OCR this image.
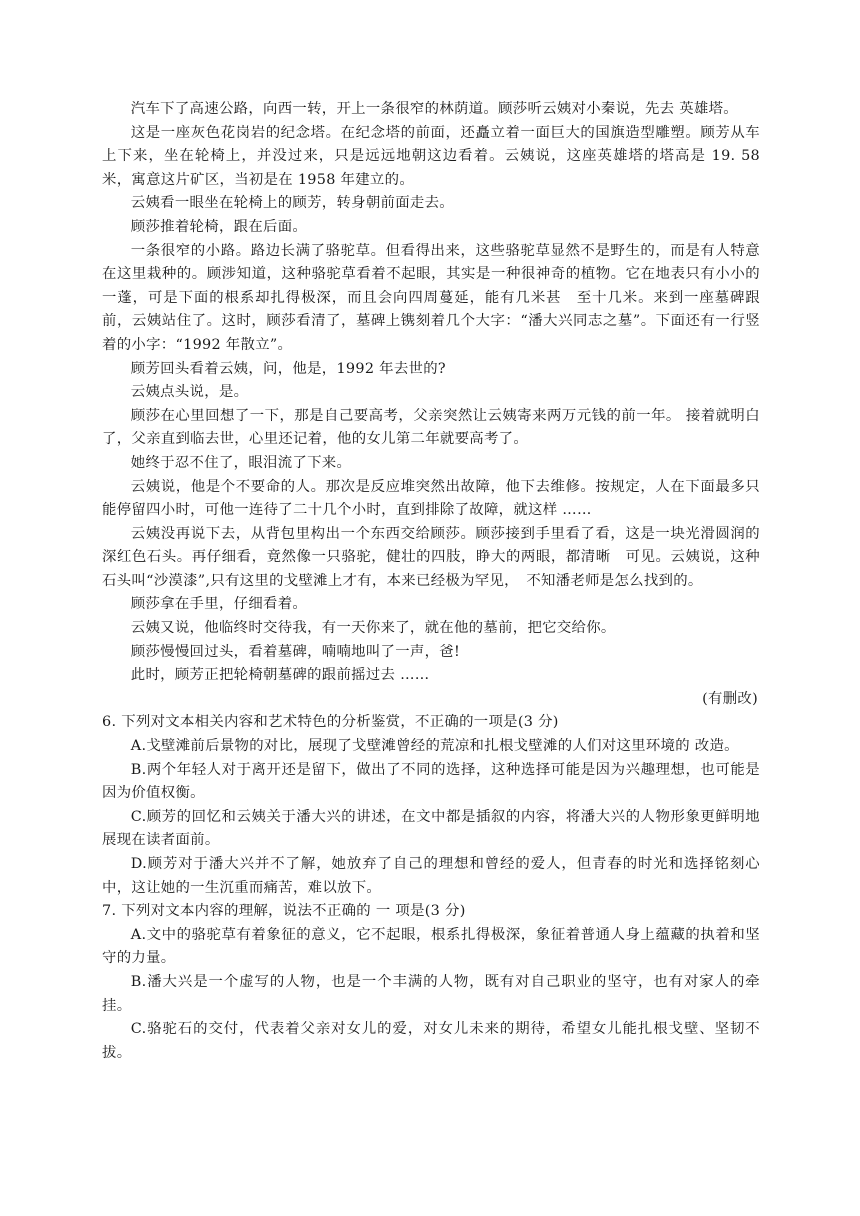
汽车下了高速公路，向西一转，开上一条很窄的林荫道。顾莎听云姨对小秦说，先去 英雄塔。

这是一座灰色花岗岩的纪念塔。在纪念塔的前面，还矗立着一面巨大的国旗造型雕塑。顾芳从车上下来，坐在轮椅上，并没过来，只是远远地朝这边看着。云姨说，这座英雄塔的塔高是 19. 58 米，寓意这片矿区，当初是在 1958 年建立的。

云姨看一眼坐在轮椅上的顾芳，转身朝前面走去。

顾莎推着轮椅，跟在后面。

一条很窄的小路。路边长满了骆驼草。但看得出来，这些骆驼草显然不是野生的，而是有人特意在这里栽种的。顾涉知道，这种骆驼草看着不起眼，其实是一种很神奇的植物。它在地表只有小小的一蓬，可是下面的根系却扎得极深，而且会向四周蔓延，能有几米甚　至十几米。来到一座墓碑跟前，云姨站住了。这时，顾莎看清了，墓碑上镌刻着几个大字：“潘大兴同志之墓”。下面还有一行竖着的小字：“1992 年散立”。

顾芳回头看着云姨，问，他是，1992 年去世的?

云姨点头说，是。

顾莎在心里回想了一下，那是自己要高考，父亲突然让云姨寄来两万元钱的前一年。 接着就明白了，父亲直到临去世，心里还记着，他的女儿第二年就要高考了。

她终于忍不住了，眼泪流了下来。

云姨说，他是个不要命的人。那次是反应堆突然出故障，他下去维修。按规定，人在下面最多只能停留四小时，可他一连待了二十几个小时，直到排除了故障，就这样 ……

云姨没再说下去，从背包里构出一个东西交给顾莎。顾莎接到手里看了看，这是一块光滑圆润的深红色石头。再仔细看，竟然像一只骆驼，健壮的四肢，睁大的两眼，都清晰　可见。云姨说，这种石头叫“沙漠漆”,只有这里的戈壁滩上才有，本来已经极为罕见，　不知潘老师是怎么找到的。

顾莎拿在手里，仔细看着。

云姨又说，他临终时交待我，有一天你来了，就在他的墓前，把它交给你。

顾莎慢慢回过头，看着墓碑，喃喃地叫了一声，爸!

此时，顾芳正把轮椅朝墓碑的跟前摇过去 ……

(有删改)

6. 下列对文本相关内容和艺术特色的分析鉴赏，不正确的一项是(3 分)

A.戈壁滩前后景物的对比，展现了戈壁滩曾经的荒凉和扎根戈壁滩的人们对这里环境的 改造。

B.两个年轻人对于离开还是留下，做出了不同的选择，这种选择可能是因为兴趣理想，也可能是因为价值权衡。

C.顾芳的回忆和云姨关于潘大兴的讲述，在文中都是插叙的内容，将潘大兴的人物形象更鲜明地展现在读者面前。

D.顾芳对于潘大兴并不了解，她放弃了自己的理想和曾经的爱人，但青春的时光和选择铭刻心中，这让她的一生沉重而痛苦，难以放下。

7. 下列对文本内容的理解，说法不正确的 一 项是(3 分)

A.文中的骆驼草有着象征的意义，它不起眼，根系扎得极深，象征着普通人身上蕴藏的执着和坚守的力量。

B.潘大兴是一个虚写的人物，也是一个丰满的人物，既有对自己职业的坚守，也有对家人的牵挂。

C.骆驼石的交付，代表着父亲对女儿的爱，对女儿未来的期待，希望女儿能扎根戈壁、坚韧不拔。
